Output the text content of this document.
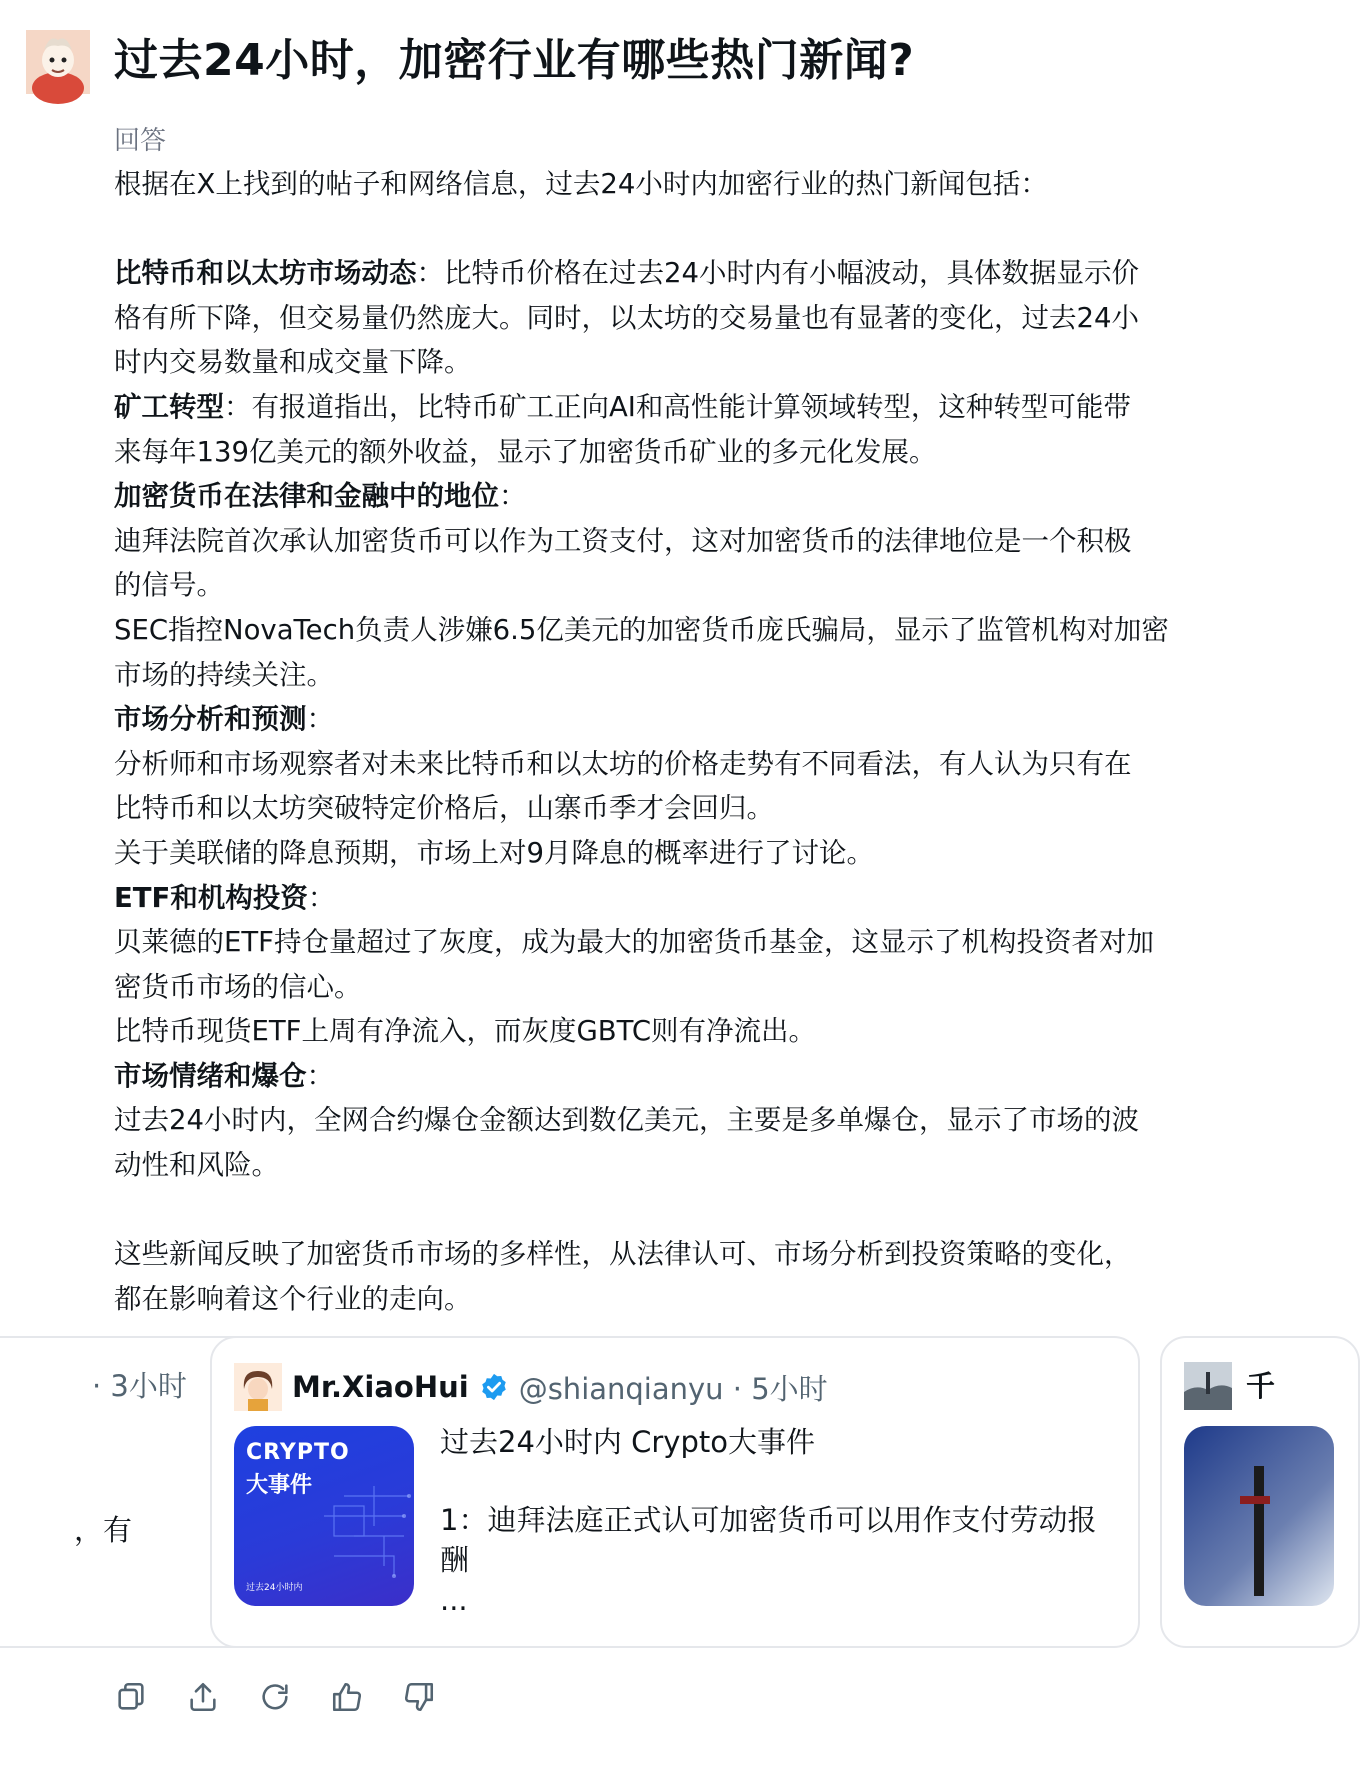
过去24小时，加密行业有哪些热门新闻?
回答

根据在X上找到的帖子和网络信息，过去24小时内加密行业的热门新闻包括：

比特币和以太坊市场动态：比特币价格在过去24小时内有小幅波动，具体数据显示价

格有所下降，但交易量仍然庞大。同时，以太坊的交易量也有显著的变化，过去24小

时内交易数量和成交量下降。

矿工转型：有报道指出，比特币矿工正向AI和高性能计算领域转型，这种转型可能带

来每年139亿美元的额外收益，显示了加密货币矿业的多元化发展。

加密货币在法律和金融中的地位：

迪拜法院首次承认加密货币可以作为工资支付，这对加密货币的法律地位是一个积极

的信号。

SEC指控NovaTech负责人涉嫌6.5亿美元的加密货币庞氏骗局，显示了监管机构对加密

市场的持续关注。

市场分析和预测：

分析师和市场观察者对未来比特币和以太坊的价格走势有不同看法，有人认为只有在

比特币和以太坊突破特定价格后，山寨币季才会回归。

关于美联储的降息预期，市场上对9月降息的概率进行了讨论。

ETF和机构投资：

贝莱德的ETF持仓量超过了灰度，成为最大的加密货币基金，这显示了机构投资者对加

密货币市场的信心。

比特币现货ETF上周有净流入，而灰度GBTC则有净流出。

市场情绪和爆仓：

过去24小时内，全网合约爆仓金额达到数亿美元，主要是多单爆仓，显示了市场的波

动性和风险。

这些新闻反映了加密货币市场的多样性，从法律认可、市场分析到投资策略的变化，

都在影响着这个行业的走向。

· 3小时
，有
Mr.XiaoHui @shianqianyu · 5小时
CRYPTO
大事件
过去24小时内

过去24小时内 Crypto大事件

1：迪拜法庭正式认可加密货币可以用作支付劳动报

酬

...

千
